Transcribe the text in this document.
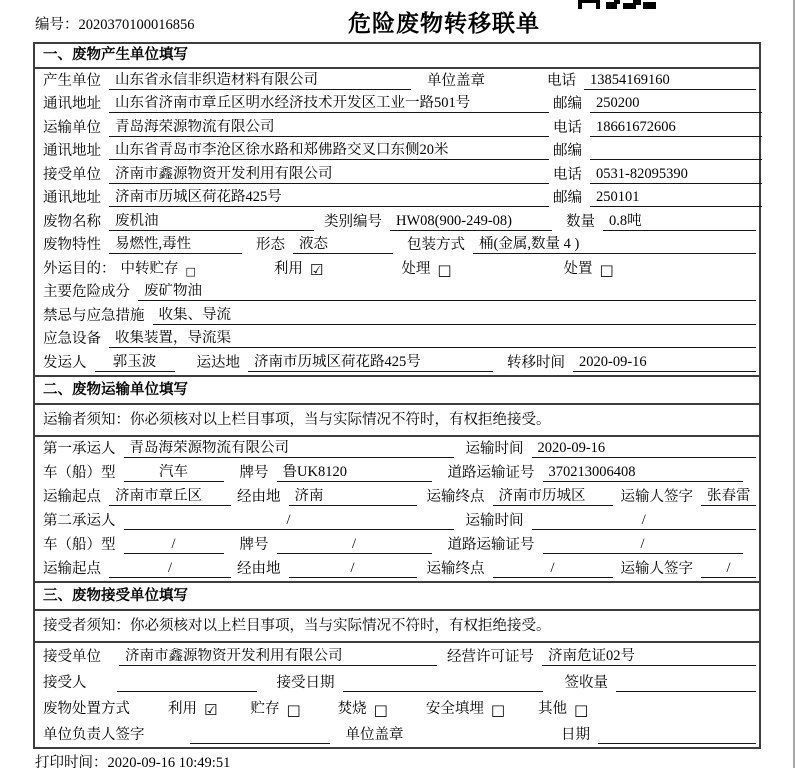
编号：2020370100016856	危险废物转移联单
一、废物产生单位填写
产生单位 山东省永信非织造材料有限公司	单位盖章	电话 13854169160
通讯地址 山东省济南市章丘区明水经济技术开发区工业一路501号	邮编 250200
运输单位 青岛海荣源物流有限公司	电话 18661672606
通讯地址 山东省青岛市李沧区徐水路和郑佛路交叉口东侧20米	邮编
接受单位 济南市鑫源物资开发利用有限公司	电话 0531-82095390
通讯地址 济南市历城区荷花路425号	邮编 250101
废物名称 废机油	类别编号 HW08(900-249-08)	数量 0.8吨
废物特性 易燃性,毒性	形态 液态	包装方式 桶(金属,数量 4 )
外运目的： 中转贮存 □	利用 ☑	处理 □	处置 □
主要危险成分 废矿物油
禁忌与应急措施 收集、导流
应急设备 收集装置，导流渠
发运人	郭玉波	运达地 济南市历城区荷花路425号	转移时间 2020-09-16
二、废物运输单位填写
运输者须知：你必须核对以上栏目事项，当与实际情况不符时，有权拒绝接受。
第一承运人 青岛海荣源物流有限公司	运输时间 2020-09-16
车（船）型	汽车	牌号 鲁UK8120	道路运输证号 370213006408
运输起点 济南市章丘区	经由地 济南	运输终点 济南市历城区	运输人签字 张春雷
第二承运人	/	运输时间	/
车（船）型	/	牌号	/	道路运输证号	/
运输起点	/	经由地	/	运输终点	/	运输人签字	/
三、废物接受单位填写
接受者须知：你必须核对以上栏目事项，当与实际情况不符时，有权拒绝接受。
接受单位	济南市鑫源物资开发利用有限公司	经营许可证号 济南危证02号
接受人	接受日期	签收量
废物处置方式	利用 ☑ 贮存 □	焚烧 □	安全填埋 □ 其他 □
单位负责人签字	单位盖章	日期
打印时间：2020-09-16 10:49:51
